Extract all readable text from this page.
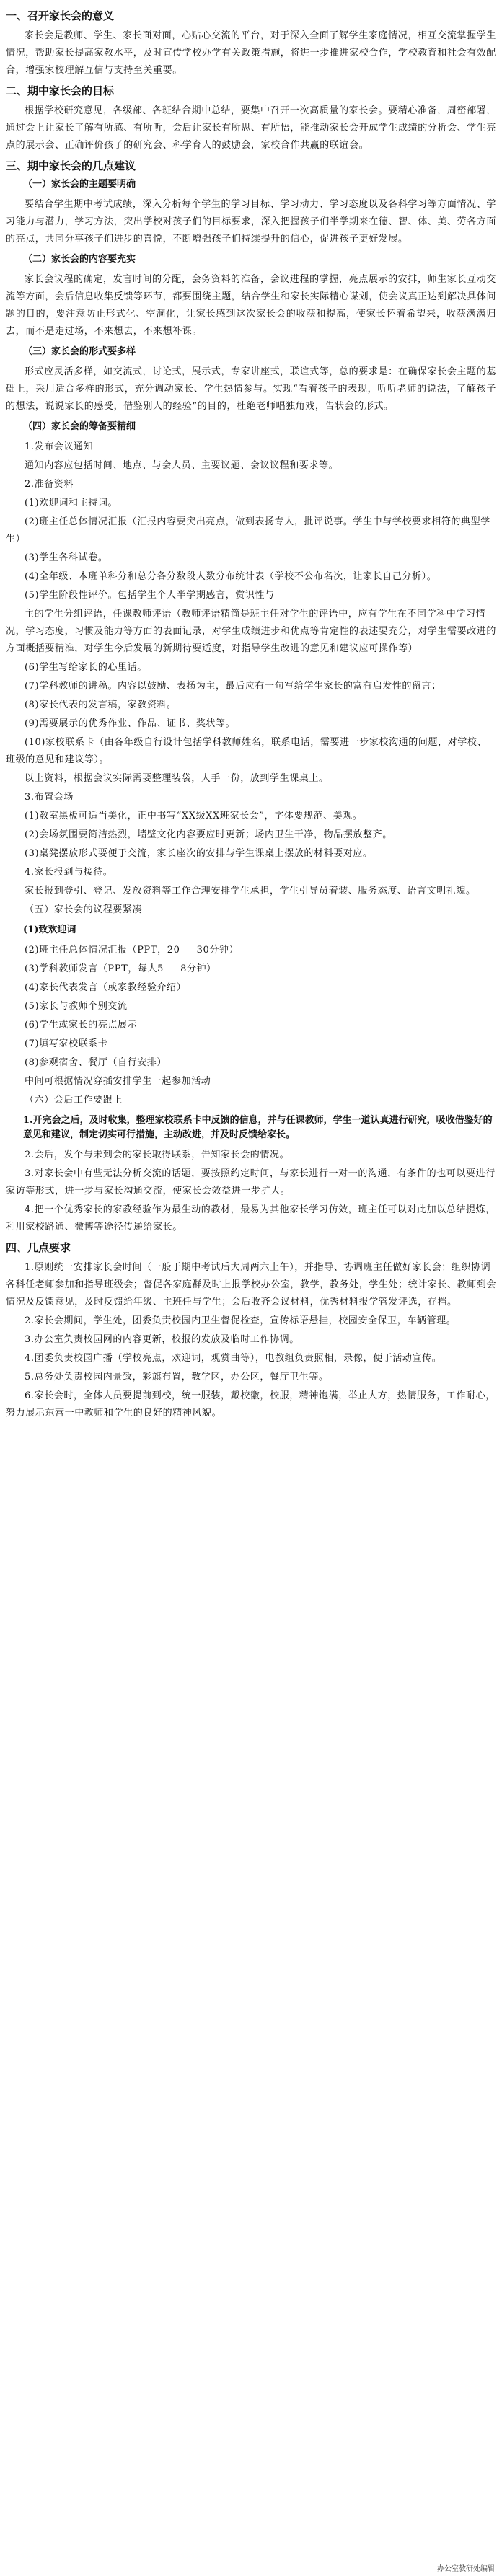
一、召开家长会的意义
家长会是教师、学生、家长面对面，心贴心交流的平台，对于深入全面了解学生家庭情况，相互交流掌握学生情况，帮助家长提高家教水平，及时宣传学校办学有关政策措施，将进一步推进家校合作，学校教育和社会有效配合，增强家校理解互信与支持至关重要。
二、期中家长会的目标
根据学校研究意见，各级部、各班结合期中总结，要集中召开一次高质量的家长会。要精心准备，周密部署，通过会上让家长了解有所感、有所听，会后让家长有所思、有所悟，能推动家长会开成学生成绩的分析会、学生亮点的展示会、正确评价孩子的研究会、科学育人的鼓励会，家校合作共赢的联谊会。
三、期中家长会的几点建议
（一）家长会的主题要明确
要结合学生期中考试成绩，深入分析每个学生的学习目标、学习动力、学习态度以及各科学习等方面情况、学习能力与潜力，学习方法，突出学校对孩子们的目标要求，深入把握孩子们半学期来在德、智、体、美、劳各方面的亮点，共同分享孩子们进步的喜悦，不断增强孩子们持续提升的信心，促进孩子更好发展。
（二）家长会的内容要充实
家长会议程的确定，发言时间的分配，会务资料的准备，会议进程的掌握，亮点展示的安排，师生家长互动交流等方面，会后信息收集反馈等环节，都要围绕主题，结合学生和家长实际精心谋划，使会议真正达到解决具体问题的目的，要注意防止形式化、空洞化，让家长感到这次家长会的收获和提高，使家长怀着希望来，收获满满归去，而不是走过场，不来想去，不来想补课。
（三）家长会的形式要多样
形式应灵活多样，如交流式，讨论式，展示式，专家讲座式，联谊式等，总的要求是：在确保家长会主题的基础上，采用适合多样的形式，充分调动家长、学生热情参与。实现“看着孩子的表现，听听老师的说法，了解孩子的想法，说说家长的感受，借鉴别人的经验”的目的，杜绝老师唱独角戏，告状会的形式。
（四）家长会的筹备要精细
1.发布会议通知
通知内容应包括时间、地点、与会人员、主要议题、会议议程和要求等。
2.准备资料
(1)欢迎词和主持词。
(2)班主任总体情况汇报（汇报内容要突出亮点，做到表扬专人，批评说事。学生中与学校要求相符的典型学生）
(3)学生各科试卷。
(4)全年级、本班单科分和总分各分数段人数分布统计表（学校不公布名次，让家长自己分析）。
(5)学生阶段性评价。包括学生个人半学期感言，赏识性与
主的学生分组评语，任课教师评语（教师评语精简是班主任对学生的评语中，应有学生在不同学科中学习情况，学习态度，习惯及能力等方面的表面记录，对学生成绩进步和优点等肯定性的表述要充分，对学生需要改进的方面概括要精准，对学生今后发展的新期待要适度，对指导学生改进的意见和建议应可操作等）
(6)学生写给家长的心里话。
(7)学科教师的讲稿。内容以鼓励、表扬为主，最后应有一句写给学生家长的富有启发性的留言；
(8)家长代表的发言稿，家教资料。
(9)需要展示的优秀作业、作品、证书、奖状等。
(10)家校联系卡（由各年级自行设计包括学科教师姓名，联系电话，需要进一步家校沟通的问题，对学校、班级的意见和建议等）。
以上资料，根据会议实际需要整理装袋，人手一份，放到学生课桌上。
3.布置会场
(1)教室黑板可适当美化，正中书写“XX级XX班家长会”，字体要规范、美观。
(2)会场氛围要简洁热烈，墙壁文化内容要应时更新；场内卫生干净，物品摆放整齐。
(3)桌凳摆放形式要便于交流，家长座次的安排与学生课桌上摆放的材料要对应。
4.家长报到与接待。
家长报到登引、登记、发放资料等工作合理安排学生承担，学生引导员着装、服务态度、语言文明礼貌。
（五）家长会的议程要紧凑
(1)致欢迎词
(2)班主任总体情况汇报（PPT，20 — 30分钟）
(3)学科教师发言（PPT，每人5 — 8分钟）
(4)家长代表发言（或家教经验介绍）
(5)家长与教师个别交流
(6)学生或家长的亮点展示
(7)填写家校联系卡
(8)参观宿舍、餐厅（自行安排）
中间可根据情况穿插安排学生一起参加活动
（六）会后工作要跟上
1.开完会之后，及时收集，整理家校联系卡中反馈的信息，并与任课教师，学生一道认真进行研究，吸收借鉴好的意见和建议，制定切实可行措施，主动改进，并及时反馈给家长。
2.会后，发个与未到会的家长取得联系，告知家长会的情况。
3.对家长会中有些无法分析交流的话题，要按照约定时间，与家长进行一对一的沟通，有条件的也可以要进行家访等形式，进一步与家长沟通交流，使家长会效益进一步扩大。
4.把一个优秀家长的家教经验作为最生动的教材，最易为其他家长学习仿效，班主任可以对此加以总结提炼，利用家校路通、微博等途径传递给家长。
四、几点要求
1.原则统一安排家长会时间（一般于期中考试后大周两六上午），并指导、协调班主任做好家长会；组织协调各科任老师参加和指导班级会；督促各家庭群及时上报学校办公室，教学，教务处，学生处；统计家长、教师到会情况及反馈意见，及时反馈给年级、主班任与学生；会后收齐会议材料，优秀材料报学管发评选，存档。
2.家长会期间，学生处，团委负责校园内卫生督促检查，宣传标语悬挂，校园安全保卫，车辆管理。
3.办公室负责校园网的内容更新，校报的发放及临时工作协调。
4.团委负责校园广播（学校亮点，欢迎词，观赏曲等），电教组负责照相，录像，便于活动宣传。
5.总务处负责校园内景致，彩旗布置，教学区，办公区，餐厅卫生等。
6.家长会时，全体人员要提前到校，统一服装，戴校徽，校服，精神饱满，举止大方，热情服务，工作耐心，努力展示东营一中教师和学生的良好的精神风貌。
办公室教研处编辑
